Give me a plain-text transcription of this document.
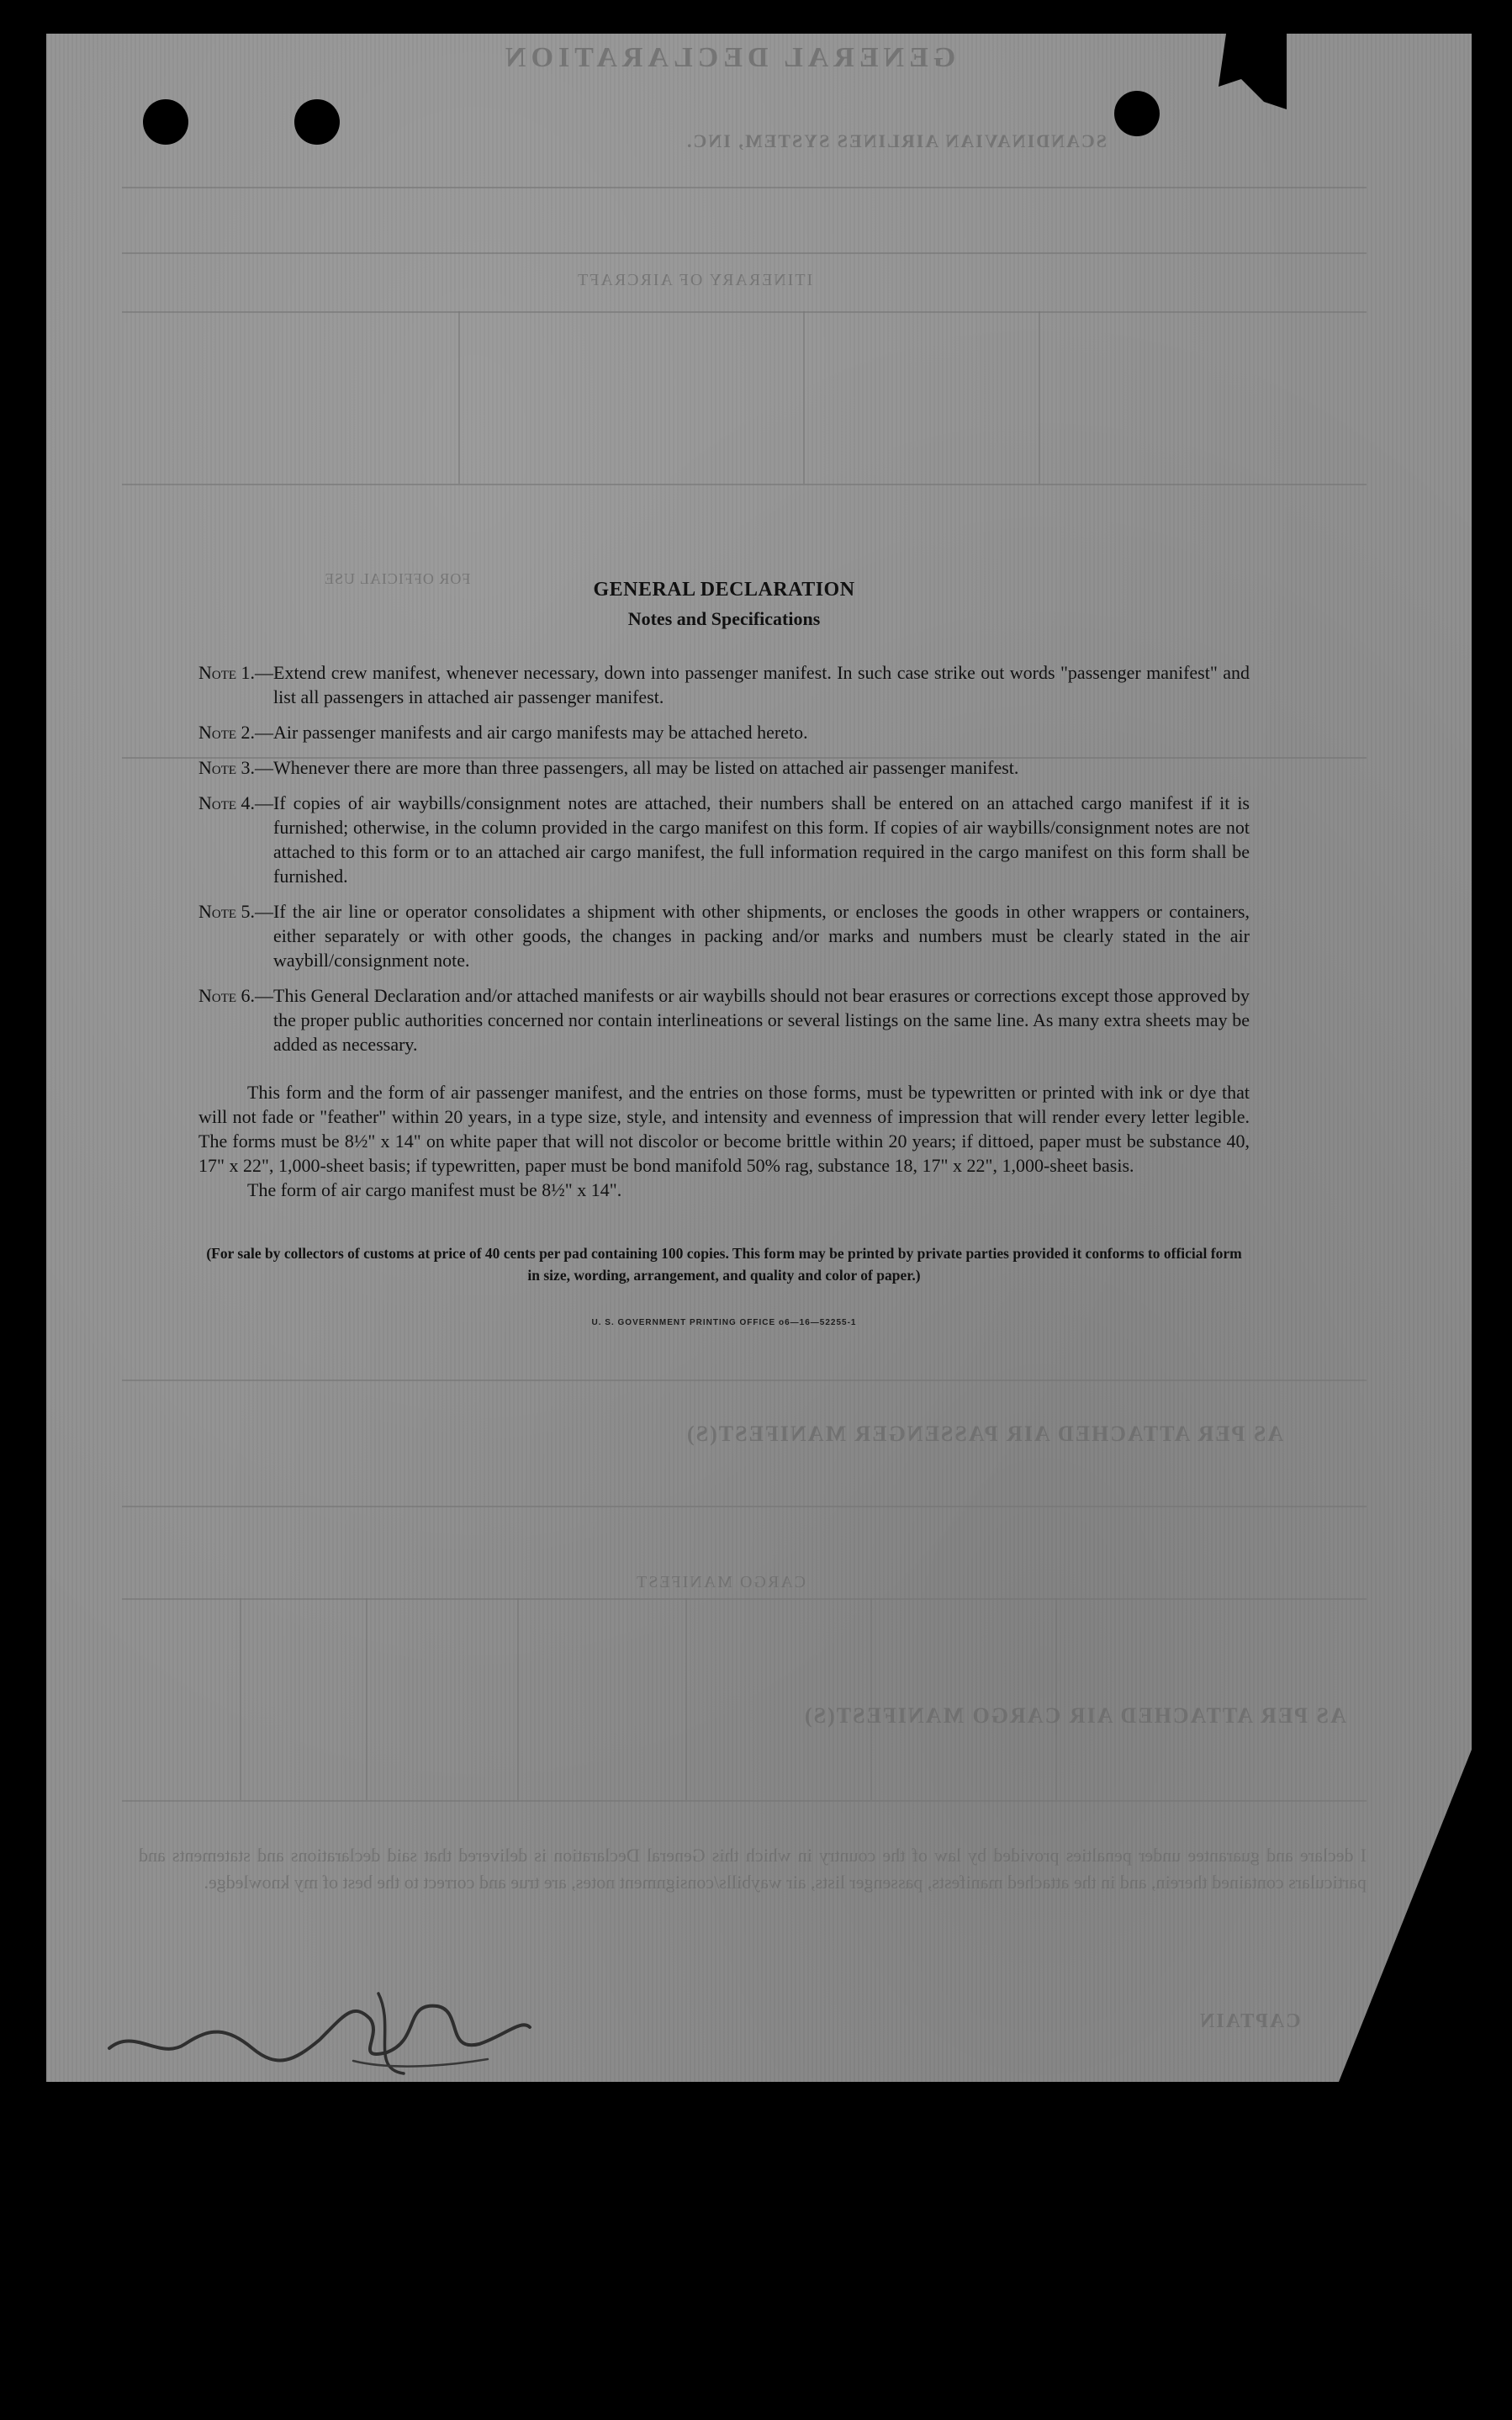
GENERAL DECLARATION
SCANDINAVIAN AIRLINES SYSTEM, INC.
ITINERARY OF AIRCRAFT
FOR OFFICIAL USE
AS PER ATTACHED AIR PASSENGER MANIFEST(S)
CARGO MANIFEST
AS PER ATTACHED AIR CARGO MANIFEST(S)
I declare and guarantee under penalties provided by law of the country in which this General Declaration is delivered that said declarations and statements and particulars contained therein, and in the attached manifests, passenger lists, air waybills/consignment notes, are true and correct to the best of my knowledge.
CAPTAIN
GENERAL DECLARATION
Notes and Specifications
Note 1.— Extend crew manifest, whenever necessary, down into passenger manifest. In such case strike out words "passenger manifest" and list all passengers in attached air passenger manifest.
Note 2.— Air passenger manifests and air cargo manifests may be attached hereto.
Note 3.— Whenever there are more than three passengers, all may be listed on attached air passenger manifest.
Note 4.— If copies of air waybills/consignment notes are attached, their numbers shall be entered on an attached cargo manifest if it is furnished; otherwise, in the column provided in the cargo manifest on this form. If copies of air waybills/consignment notes are not attached to this form or to an attached air cargo manifest, the full information required in the cargo manifest on this form shall be furnished.
Note 5.— If the air line or operator consolidates a shipment with other shipments, or encloses the goods in other wrappers or containers, either separately or with other goods, the changes in packing and/or marks and numbers must be clearly stated in the air waybill/consignment note.
Note 6.— This General Declaration and/or attached manifests or air waybills should not bear erasures or corrections except those approved by the proper public authorities concerned nor contain interlineations or several listings on the same line. As many extra sheets may be added as necessary.
This form and the form of air passenger manifest, and the entries on those forms, must be typewritten or printed with ink or dye that will not fade or "feather" within 20 years, in a type size, style, and intensity and evenness of impression that will render every letter legible. The forms must be 8½" x 14" on white paper that will not discolor or become brittle within 20 years; if dittoed, paper must be substance 40, 17" x 22", 1,000-sheet basis; if typewritten, paper must be bond manifold 50% rag, substance 18, 17" x 22", 1,000-sheet basis.
The form of air cargo manifest must be 8½" x 14".
(For sale by collectors of customs at price of 40 cents per pad containing 100 copies. This form may be printed by private parties provided it conforms to official form in size, wording, arrangement, and quality and color of paper.)
U. S. GOVERNMENT PRINTING OFFICE o6—16—52255-1
